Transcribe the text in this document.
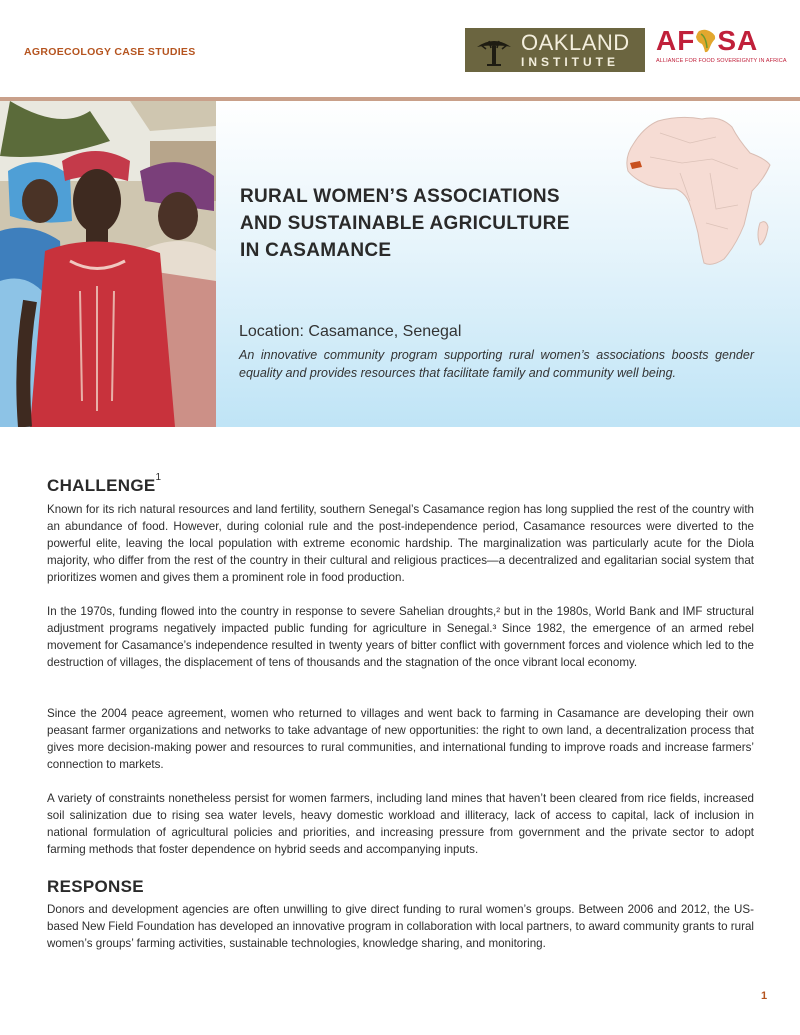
AGROECOLOGY CASE STUDIES	OAKLAND
INSTITUTE
AF SA
ALLIANCE FOR FOOD SOVEREIGNTY IN AFRICA
RURAL WOMEN’S ASSOCIATIONS
AND SUSTAINABLE AGRICULTURE
IN CASAMANCE
Location: Casamance, Senegal
An innovative community program supporting rural women’s associations boosts gender equality and provides resources that facilitate family and community well being.
CHALLENGE$^1$

Known for its rich natural resources and land fertility, southern Senegal’s Casamance region has long supplied the rest of the country with an abundance of food. However, during colonial rule and the post-independence period, Casamance resources were diverted to the powerful elite, leaving the local population with extreme economic hardship. The marginalization was particularly acute for the Diola majority, who differ from the rest of the country in their cultural and religious practices—a decentralized and egalitarian social system that prioritizes women and gives them a prominent role in food production.

In the 1970s, funding flowed into the country in response to severe Sahelian droughts,² but in the 1980s, World Bank and IMF structural adjustment programs negatively impacted public funding for agriculture in Senegal.³ Since 1982, the emergence of an armed rebel movement for Casamance’s independence resulted in twenty years of bitter conflict with government forces and violence which led to the destruction of villages, the displacement of tens of thousands and the stagnation of the once vibrant local economy.

Since the 2004 peace agreement, women who returned to villages and went back to farming in Casamance are developing their own peasant farmer organizations and networks to take advantage of new opportunities: the right to own land, a decentralization process that gives more decision-making power and resources to rural communities, and international funding to improve roads and increase farmers’ connection to markets.

A variety of constraints nonetheless persist for women farmers, including land mines that haven’t been cleared from rice fields, increased soil salinization due to rising sea water levels, heavy domestic workload and illiteracy, lack of access to capital, lack of inclusion in national formulation of agricultural policies and priorities, and increasing pressure from government and the private sector to adopt farming methods that foster dependence on hybrid seeds and accompanying inputs.

RESPONSE

Donors and development agencies are often unwilling to give direct funding to rural women’s groups. Between 2006 and 2012, the US-based New Field Foundation has developed an innovative program in collaboration with local partners, to award community grants to rural women’s groups’ farming activities, sustainable technologies, knowledge sharing, and monitoring.

1
